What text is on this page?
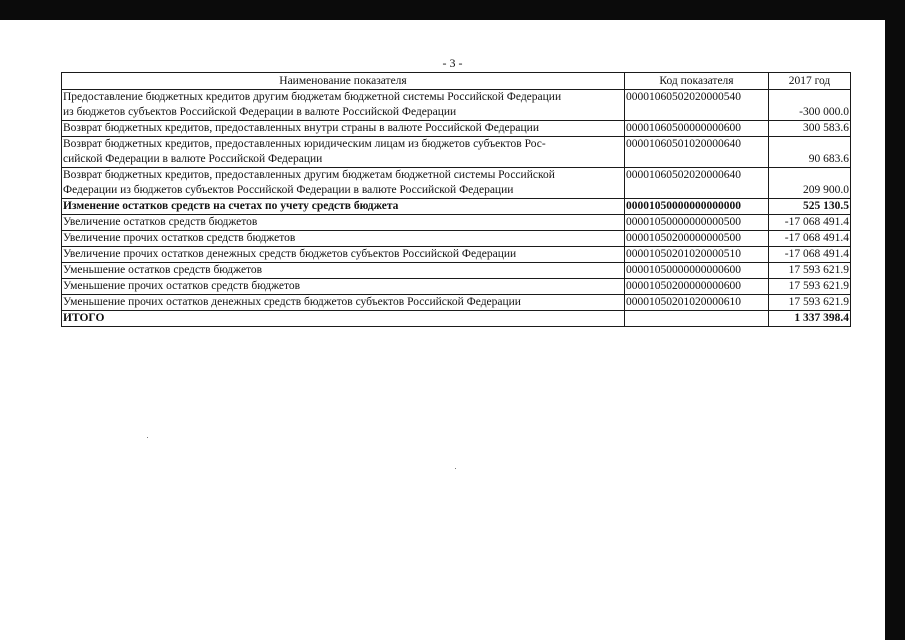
- 3 -
Наименование показателя	Код показателя	2017 год

Предоставление бюджетных кредитов другим бюджетам бюджетной системы Российской Федерации
из бюджетов субъектов Российской Федерации в валюте Российской Федерации	00001060502020000540	-300 000.0

Возврат бюджетных кредитов, предоставленных внутри страны в валюте Российской Федерации	00001060500000000600	300 583.6

Возврат бюджетных кредитов, предоставленных юридическим лицам из бюджетов субъектов Рос-
сийской Федерации в валюте Российской Федерации	00001060501020000640	90 683.6

Возврат бюджетных кредитов, предоставленных другим бюджетам бюджетной системы Российской
Федерации из бюджетов субъектов Российской Федерации в валюте Российской Федерации	00001060502020000640	209 900.0

Изменение остатков средств на счетах по учету средств бюджета	00001050000000000000	525 130.5

Увеличение остатков средств бюджетов	00001050000000000500	-17 068 491.4

Увеличение прочих остатков средств бюджетов	00001050200000000500	-17 068 491.4

Увеличение прочих остатков денежных средств бюджетов субъектов Российской Федерации	00001050201020000510	-17 068 491.4

Уменьшение остатков средств бюджетов	00001050000000000600	17 593 621.9

Уменьшение прочих остатков средств бюджетов	00001050200000000600	17 593 621.9

Уменьшение прочих остатков денежных средств бюджетов субъектов Российской Федерации	00001050201020000610	17 593 621.9

ИТОГО		1 337 398.4
